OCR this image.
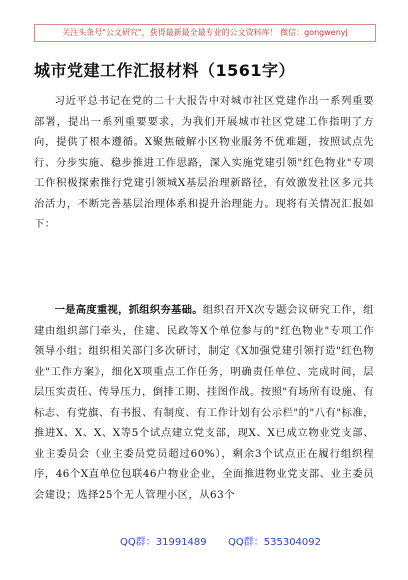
关注头条号"公文研究"，获得最新最全最专业的公文资料库！ 微信：gongwenyj
城市党建工作汇报材料（1561字）

习近平总书记在党的二十大报告中对城市社区党建作出一系列重要部署，提出一系列重要要求，为我们开展城市社区党建工作指明了方向，提供了根本遵循。X聚焦破解小区物业服务不优难题，按照试点先行、分步实施、稳步推进工作思路，深入实施党建引领"红色物业"专项工作积极探索推行党建引领城X基层治理新路径，有效激发社区多元共治活力，不断完善基层治理体系和提升治理能力。现将有关情况汇报如下：

一是高度重视，抓组织夯基础。组织召开X次专题会议研究工作，组建由组织部门牵头，住建、民政等X个单位参与的"红色物业"专项工作领导小组；组织相关部门多次研讨，制定《X加强党建引领打造"红色物业"工作方案》，细化X项重点工作任务，明确责任单位、完成时间，层层压实责任、传导压力，倒排工期、挂图作战。按照"有场所有设施、有标志、有党旗、有书报、有制度、有工作计划有公示栏"的"八有"标准，推进X、X、X、X等5个试点建立党支部，现X、X已成立物业党支部、业主委员会（业主委员党员超过60%），剩余3个试点正在履行组织程序，46个X直单位包联46户物业企业，全面推进物业党支部、业主委员会建设；选择25个无人管理小区，从63个

QQ群：31991489 QQ群：535304092
